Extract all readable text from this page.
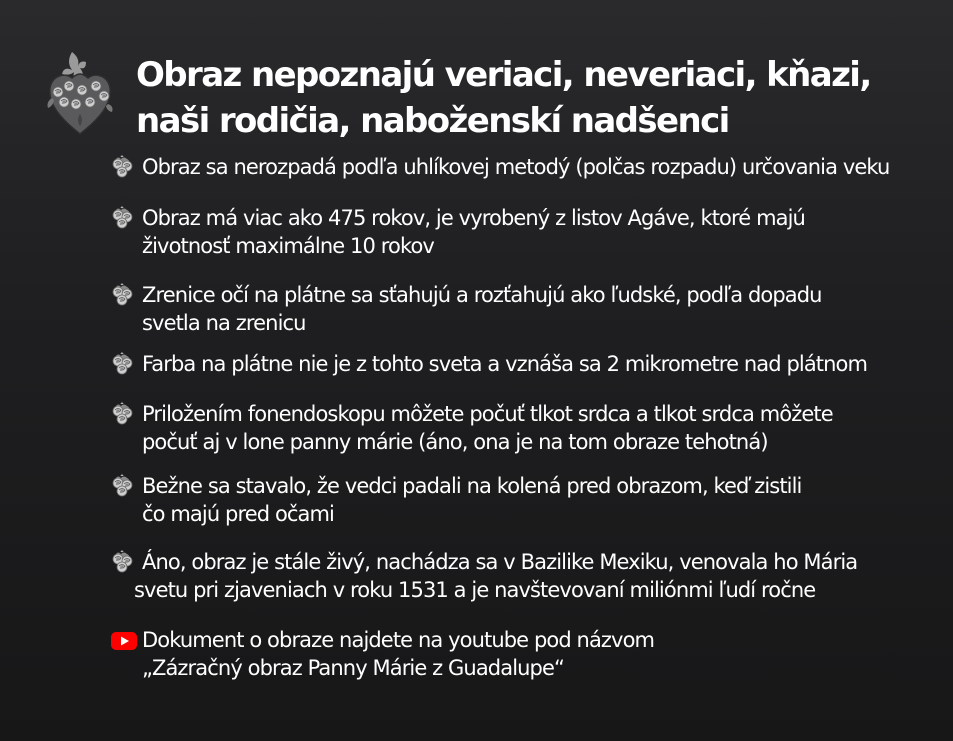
Obraz nepoznajú veriaci, neveriaci, kňazi,
naši rodičia, naboženskí nadšenci
Obraz sa nerozpadá podľa uhlíkovej metodý (polčas rozpadu) určovania veku
Obraz má viac ako 475 rokov, je vyrobený z listov Agáve, ktoré majú
životnosť maximálne 10 rokov
Zrenice očí na plátne sa sťahujú a rozťahujú ako ľudské, podľa dopadu
svetla na zrenicu
Farba na plátne nie je z tohto sveta a vznáša sa 2 mikrometre nad plátnom
Priložením fonendoskopu môžete počuť tlkot srdca a tlkot srdca môžete
počuť aj v lone panny márie (áno, ona je na tom obraze tehotná)
Bežne sa stavalo, že vedci padali na kolená pred obrazom, keď zistili
čo majú pred očami
Áno, obraz je stále živý, nachádza sa v Bazilike Mexiku, venovala ho Mária
svetu pri zjaveniach v roku 1531 a je navštevovaní miliónmi ľudí ročne
Dokument o obraze najdete na youtube pod názvom
„Zázračný obraz Panny Márie z Guadalupe“
